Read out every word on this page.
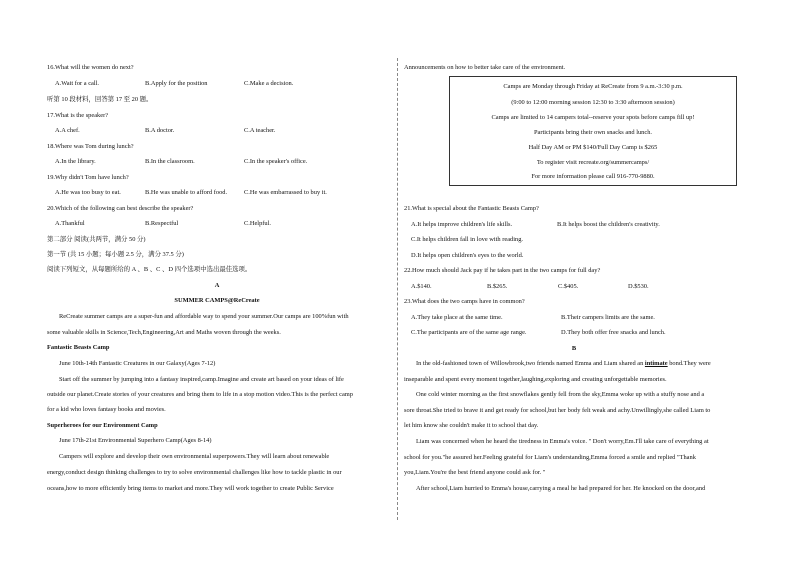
16.What will the women do next?
A.Wait for a call.	B.Apply for the position	C.Make a decision.
听第 10 段材料，回答第 17 至 20 题。
17.What is the speaker?
A.A chef.	B.A doctor.	C.A teacher.
18.Where was Tom during lunch?
A.In the library.	B.In the classroom.	C.In the speaker's office.
19.Why didn't Tom have lunch?
A.He was too busy to eat.	B.He was unable to afford food.	C.He was embarrassed to buy it.
20.Which of the following can best describe the speaker?
A.Thankful	B.Respectful	C.Helpful.
第二部分 阅读(共两节，满分 50 分)
第一节 (共 15 小题；每小题 2.5 分，满分 37.5 分)
阅读下列短文，从每题所给的 A 、B 、C 、D 四个选项中选出最佳选项。
A
SUMMER CAMPS@ReCreate
ReCreate summer camps are a super-fun and affordable way to spend your summer.Our camps are 100%fun with
some valuable skills in Science,Tech,Engineering,Art and Maths woven through the weeks.
Fantastic Beasts Camp
June 10th-14th Fantastic Creatures in our Galaxy(Ages 7-12)
Start off the summer by jumping into a fantasy inspired,camp.Imagine and create art based on your ideas of life
outside our planet.Create stories of your creatures and bring them to life in a stop motion video.This is the perfect camp
for a kid who loves fantasy books and movies.
Superheroes for our Environment Camp
June 17th-21st Environmental Superhero Camp(Ages 8-14)
Campers will explore and develop their own environmental superpowers.They will learn about renewable
energy,conduct design thinking challenges to try to solve environmental challenges like how to tackle plastic in our
oceans,how to more efficiently bring items to market and more.They will work together to create Public Service
Announcements on how to better take care of the environment.
Camps are Monday through Friday at ReCreate from 9 a.m.-3:30 p.m.
(9:00 to 12:00 morning session 12:30 to 3:30 afternoon session)
Camps are limited to 14 campers total--reserve your spots before camps fill up!
Participants bring their own snacks and lunch.
Half Day AM or PM $140/Full Day Camp is $265
To register visit recreate.org/summercamps/
For more information please call 916-770-9880.
21.What is special about the Fantastic Beasts Camp?
A.It helps improve children's life skills.	B.It helps boost the children's creativity.
C.It helps children fall in love with reading.
D.It helps open children's eyes to the world.
22.How much should Jack pay if he takes part in the two camps for full day?
A.$140.	B.$265.	C.$405.	D.$530.
23.What does the two camps have in common?
A.They take place at the same time.	B.Their campers limits are the same.
C.The participants are of the same age range.	D.They both offer free snacks and lunch.
B
In the old-fashioned town of Willowbrook,two friends named Emma and Liam shared an intimate bond.They were
inseparable and spent every moment together,laughing,exploring and creating unforgettable memories.
One cold winter morning as the first snowflakes gently fell from the sky,Emma woke up with a stuffy nose and a
sore throat.She tried to brave it and get ready for school,but her body felt weak and achy.Unwillingly,she called Liam to
let him know she couldn't make it to school that day.
Liam was concerned when he heard the tiredness in Emma's voice. " Don't worry,Em.I'll take care of everything at
school for you."he assured her.Feeling grateful for Liam's understanding,Emma forced a smile and replied "Thank
you,Liam.You're the best friend anyone could ask for. "
After school,Liam hurried to Emma's house,carrying a meal he had prepared for her. He knocked on the door,and
